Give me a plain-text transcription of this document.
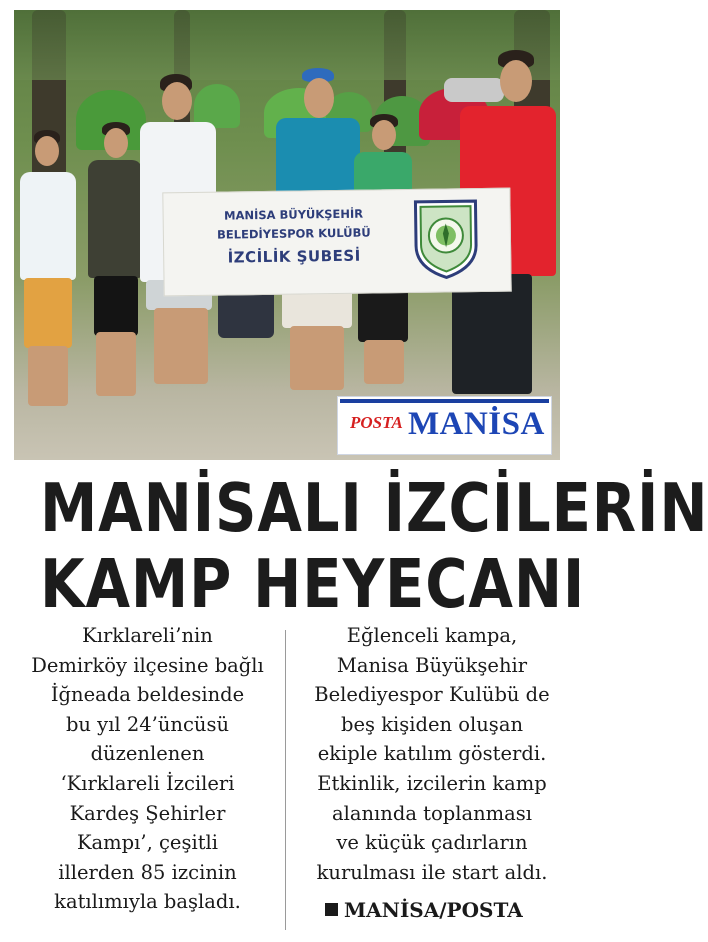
MANİSA BÜYÜKŞEHİR
BELEDİYESPOR KULÜBÜ
İZCİLİK ŞUBESİ
POSTA MANİSA
MANİSALI İZCİLERİN
KAMP HEYECANI
Kırklareli’nin
Demirköy ilçesine bağlı
İğneada beldesinde
bu yıl 24’üncüsü
düzenlenen
‘Kırklareli İzcileri
Kardeş Şehirler
Kampı’, çeşitli
illerden 85 izcinin
katılımıyla başladı.
Eğlenceli kampa,
Manisa Büyükşehir
Belediyespor Kulübü de
beş kişiden oluşan
ekiple katılım gösterdi.
Etkinlik, izcilerin kamp
alanında toplanması
ve küçük çadırların
kurulması ile start aldı.
MANİSA/POSTA
